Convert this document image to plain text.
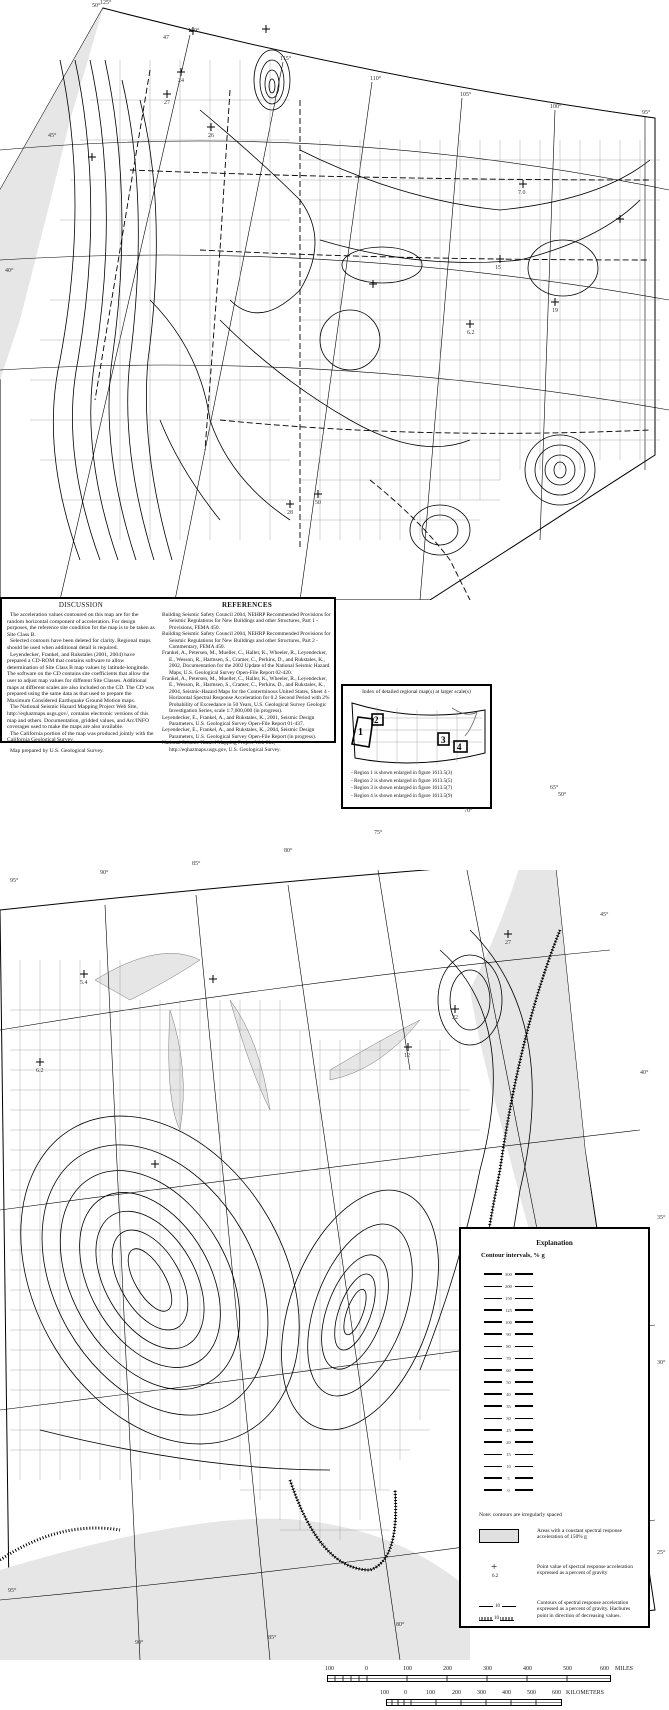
125°
120°
115°
110°
105°
100°
95°
50°
45°
40°
47
24
27
26
7.0
19
15
6.2
50
28
DISCUSSION

The acceleration values contoured on this map are for the random horizontal component of acceleration. For design purposes, the reference site condition for the map is to be taken as Site Class B.

Selected contours have been deleted for clarity. Regional maps should be used when additional detail is required.

Leyendecker, Frankel, and Rukstales (2001, 2004) have prepared a CD-ROM that contains software to allow determination of Site Class B map values by latitude-longitude. The software on the CD contains site coefficients that allow the user to adjust map values for different Site Classes. Additional maps at different scales are also included on the CD. The CD was prepared using the same data as that used to prepare the Maximum Considered Earthquake Ground Motion maps.

The National Seismic Hazard Mapping Project Web Site, http://eqhazmaps.usgs.gov/, contains electronic versions of this map and others. Documentation, gridded values, and Arc/INFO coverages used to make the maps are also available.

The California portion of the map was produced jointly with the California Geological Survey.

Map prepared by U.S. Geological Survey.

REFERENCES

Building Seismic Safety Council 2004, NEHRP Recommended Provisions for Seismic Regulations for New Buildings and other Structures, Part 1 - Provisions, FEMA 450.

Building Seismic Safety Council 2004, NEHRP Recommended Provisions for Seismic Regulations for New Buildings and other Structures, Part 2 - Commentary, FEMA 450.

Frankel, A., Petersen, M., Mueller, C., Haller, K., Wheeler, R., Leyendecker, E., Wesson, R., Harmsen, S., Cramer, C., Perkins, D., and Rukstales, K., 2002, Documentation for the 2002 Update of the National Seismic Hazard Maps, U.S. Geological Survey Open-File Report 02-420.

Frankel, A., Petersen, M., Mueller, C., Haller, K., Wheeler, R., Leyendecker, E., Wesson, R., Harmsen, S., Cramer, C., Perkins, D., and Rukstales, K., 2004, Seismic-Hazard Maps for the Conterminous United States, Sheet 4 - Horizontal Spectral Response Acceleration for 0.2 Second Period with 2% Probability of Exceedance in 50 Years, U.S. Geological Survey Geologic Investigation Series, scale 1:7,000,000 (in progress).

Leyendecker, E., Frankel, A., and Rukstales, K., 2001, Seismic Design Parameters, U.S. Geological Survey Open-File Report 01-437.

Leyendecker, E., Frankel, A., and Rukstales, K., 2004, Seismic Design Parameters, U.S. Geological Survey Open-File Report (in progress).

National Seismic Hazard Mapping Project Web Site, http://eqhazmaps.usgs.gov, U.S. Geological Survey.

Index of detailed regional map(s) at larger scale(s)
1
2
3
4
- Region 1 is shown enlarged in figure 1613.5(3)
- Region 2 is shown enlarged in figure 1613.5(5)
- Region 3 is shown enlarged in figure 1613.5(7)
- Region 4 is shown enlarged in figure 1613.5(9)
95°
90°
85°
80°
75°
70°
65°
50°
45°
40°
35°
30°
25°
95°
90°
85°
80°
5.4
6.2
27
12
22
Explanation
Contour intervals, % g
300
200
150
125
100
90
80
70
60
50
40
35
30
25
20
15
10
5
0
Note: contours are irregularly spaced
Areas with a constant spectral response acceleration of 150% g
+
6.2
Point value of spectral response acceleration expressed as a percent of gravity
10
10
Contours of spectral response acceleration expressed as a percent of gravity. Hachures point in direction of decreasing values.
100	0	100	200	300	400	500	600 MILES
100	0	100	200	300	400	500	600 KILOMETERS
